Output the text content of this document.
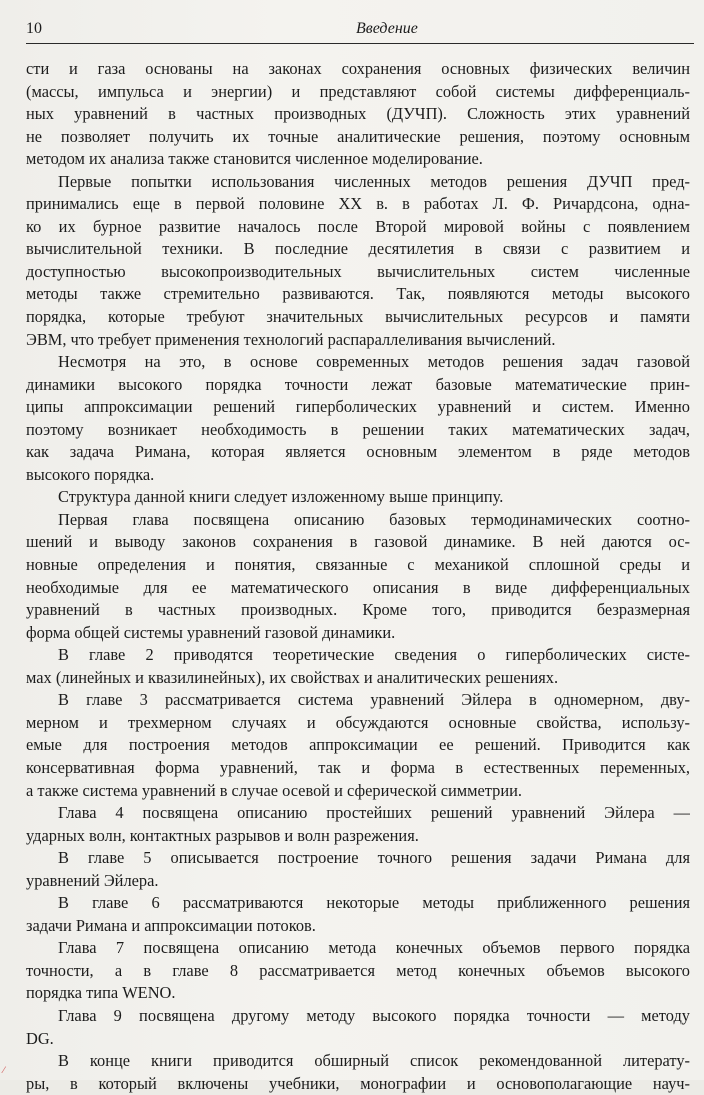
10	Введение
сти и газа основаны на законах сохранения основных физических величин
(массы, импульса и энергии) и представляют собой системы дифференциаль-
ных уравнений в частных производных (ДУЧП). Сложность этих уравнений
не позволяет получить их точные аналитические решения, поэтому основным
методом их анализа также становится численное моделирование.
Первые попытки использования численных методов решения ДУЧП пред-
принимались еще в первой половине XX в. в работах Л. Ф. Ричардсона, одна-
ко их бурное развитие началось после Второй мировой войны с появлением
вычислительной техники. В последние десятилетия в связи с развитием и
доступностью высокопроизводительных вычислительных систем численные
методы также стремительно развиваются. Так, появляются методы высокого
порядка, которые требуют значительных вычислительных ресурсов и памяти
ЭВМ, что требует применения технологий распараллеливания вычислений.
Несмотря на это, в основе современных методов решения задач газовой
динамики высокого порядка точности лежат базовые математические прин-
ципы аппроксимации решений гиперболических уравнений и систем. Именно
поэтому возникает необходимость в решении таких математических задач,
как задача Римана, которая является основным элементом в ряде методов
высокого порядка.
Структура данной книги следует изложенному выше принципу.
Первая глава посвящена описанию базовых термодинамических соотно-
шений и выводу законов сохранения в газовой динамике. В ней даются ос-
новные определения и понятия, связанные с механикой сплошной среды и
необходимые для ее математического описания в виде дифференциальных
уравнений в частных производных. Кроме того, приводится безразмерная
форма общей системы уравнений газовой динамики.
В главе 2 приводятся теоретические сведения о гиперболических систе-
мах (линейных и квазилинейных), их свойствах и аналитических решениях.
В главе 3 рассматривается система уравнений Эйлера в одномерном, дву-
мерном и трехмерном случаях и обсуждаются основные свойства, использу-
емые для построения методов аппроксимации ее решений. Приводится как
консервативная форма уравнений, так и форма в естественных переменных,
а также система уравнений в случае осевой и сферической симметрии.
Глава 4 посвящена описанию простейших решений уравнений Эйлера —
ударных волн, контактных разрывов и волн разрежения.
В главе 5 описывается построение точного решения задачи Римана для
уравнений Эйлера.
В главе 6 рассматриваются некоторые методы приближенного решения
задачи Римана и аппроксимации потоков.
Глава 7 посвящена описанию метода конечных объемов первого порядка
точности, а в главе 8 рассматривается метод конечных объемов высокого
порядка типа WENO.
Глава 9 посвящена другому методу высокого порядка точности — методу
DG.
В конце книги приводится обширный список рекомендованной литерату-
ры, в который включены учебники, монографии и основополагающие науч-
⁄
